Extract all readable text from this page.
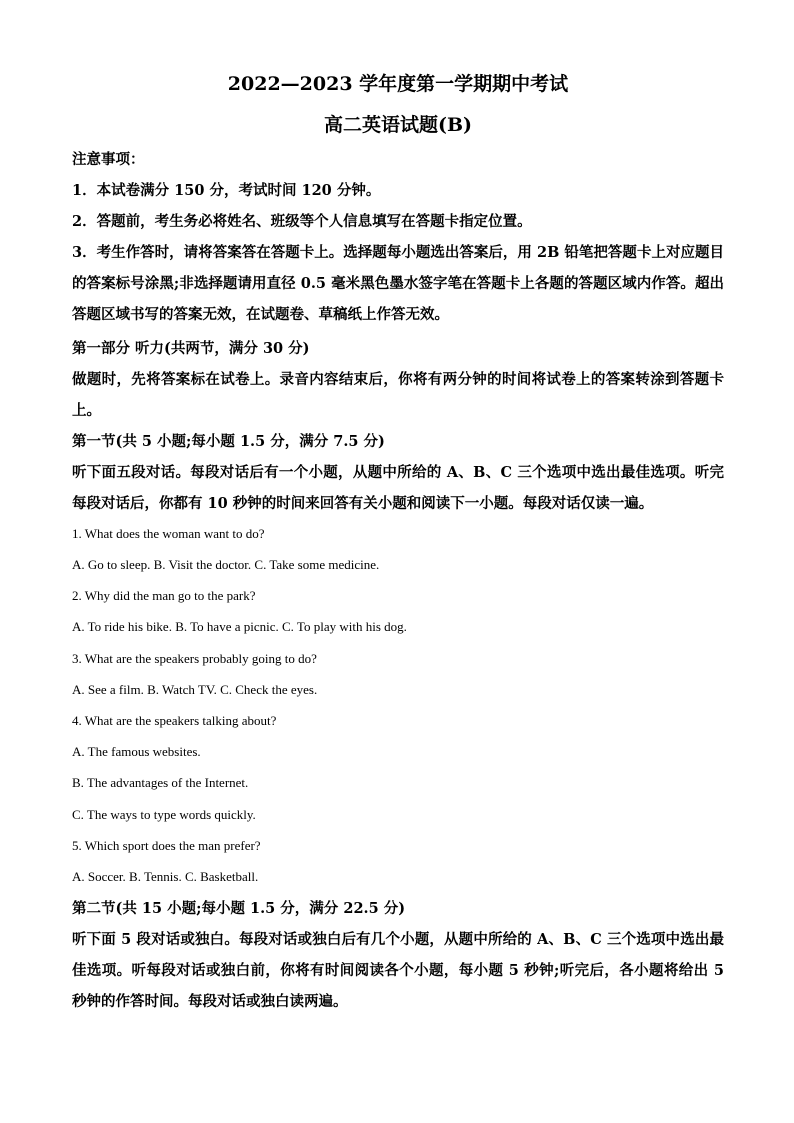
2022—2023 学年度第一学期期中考试
高二英语试题(B)
注意事项：
1．本试卷满分 150 分，考试时间 120 分钟。
2．答题前，考生务必将姓名、班级等个人信息填写在答题卡指定位置。
3．考生作答时，请将答案答在答题卡上。选择题每小题选出答案后，用 2B 铅笔把答题卡上对应题目的答案标号涂黑;非选择题请用直径 0.5 毫米黑色墨水签字笔在答题卡上各题的答题区域内作答。超出答题区域书写的答案无效，在试题卷、草稿纸上作答无效。
第一部分 听力(共两节，满分 30 分)
做题时，先将答案标在试卷上。录音内容结束后，你将有两分钟的时间将试卷上的答案转涂到答题卡上。
第一节(共 5 小题;每小题 1.5 分，满分 7.5 分)
听下面五段对话。每段对话后有一个小题，从题中所给的 A、B、C 三个选项中选出最佳选项。听完每段对话后，你都有 10 秒钟的时间来回答有关小题和阅读下一小题。每段对话仅读一遍。
1. What does the woman want to do?
A. Go to sleep. B. Visit the doctor. C. Take some medicine.
2. Why did the man go to the park?
A. To ride his bike. B. To have a picnic. C. To play with his dog.
3. What are the speakers probably going to do?
A. See a film. B. Watch TV. C. Check the eyes.
4. What are the speakers talking about?
A. The famous websites.
B. The advantages of the Internet.
C. The ways to type words quickly.
5. Which sport does the man prefer?
A. Soccer. B. Tennis. C. Basketball.
第二节(共 15 小题;每小题 1.5 分，满分 22.5 分)
听下面 5 段对话或独白。每段对话或独白后有几个小题，从题中所给的 A、B、C 三个选项中选出最佳选项。听每段对话或独白前，你将有时间阅读各个小题，每小题 5 秒钟;听完后，各小题将给出 5 秒钟的作答时间。每段对话或独白读两遍。
